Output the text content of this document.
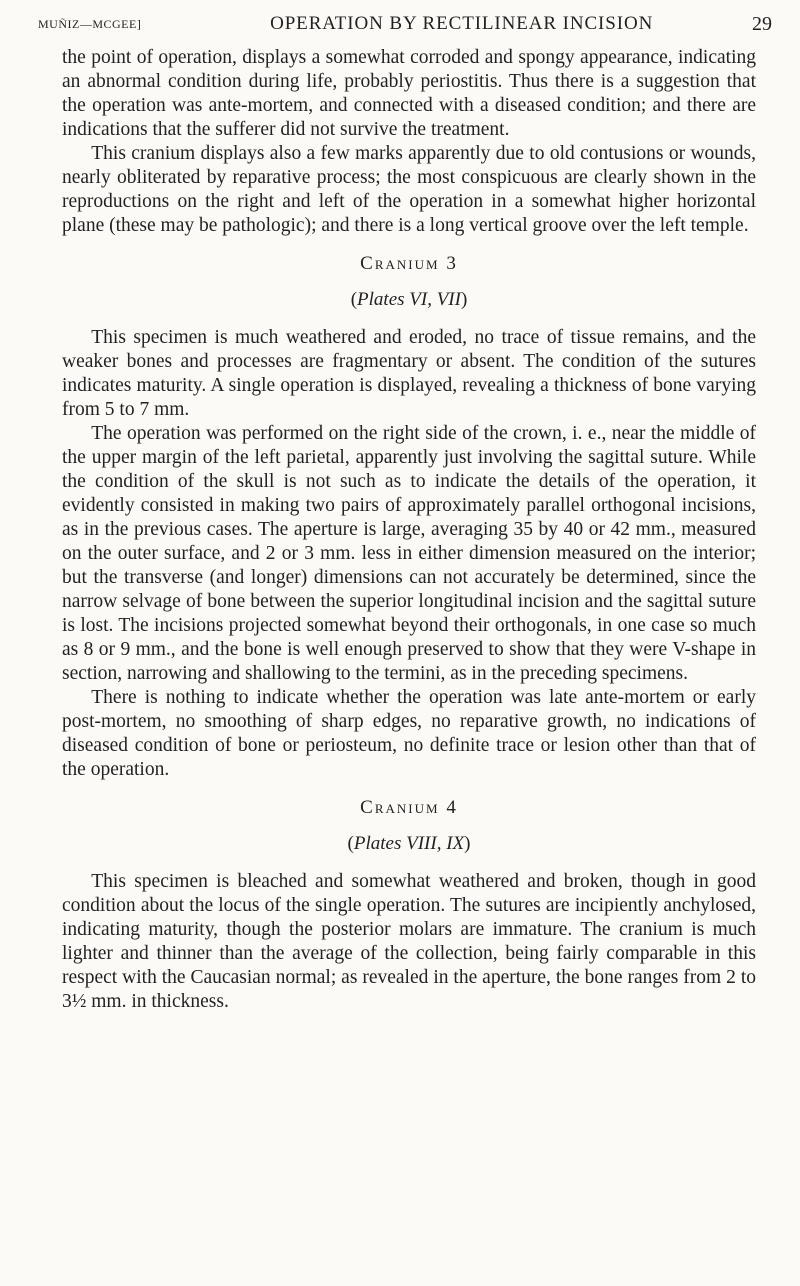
MUÑIZ—MCGEE]	OPERATION BY RECTILINEAR INCISION	29

the point of operation, displays a somewhat corroded and spongy appearance, indicating an abnormal condition during life, probably periostitis. Thus there is a suggestion that the operation was ante-mortem, and connected with a diseased condition; and there are indications that the sufferer did not survive the treatment.

This cranium displays also a few marks apparently due to old contusions or wounds, nearly obliterated by reparative process; the most conspicuous are clearly shown in the reproductions on the right and left of the operation in a somewhat higher horizontal plane (these may be pathologic); and there is a long vertical groove over the left temple.

Cranium 3
(Plates VI, VII)

This specimen is much weathered and eroded, no trace of tissue remains, and the weaker bones and processes are fragmentary or absent. The condition of the sutures indicates maturity. A single operation is displayed, revealing a thickness of bone varying from 5 to 7 mm.

The operation was performed on the right side of the crown, i. e., near the middle of the upper margin of the left parietal, apparently just involving the sagittal suture. While the condition of the skull is not such as to indicate the details of the operation, it evidently consisted in making two pairs of approximately parallel orthogonal incisions, as in the previous cases. The aperture is large, averaging 35 by 40 or 42 mm., measured on the outer surface, and 2 or 3 mm. less in either dimension measured on the interior; but the transverse (and longer) dimensions can not accurately be determined, since the narrow selvage of bone between the superior longitudinal incision and the sagittal suture is lost. The incisions projected somewhat beyond their orthogonals, in one case so much as 8 or 9 mm., and the bone is well enough preserved to show that they were V-shape in section, narrowing and shallowing to the termini, as in the preceding specimens.

There is nothing to indicate whether the operation was late ante-mortem or early post-mortem, no smoothing of sharp edges, no reparative growth, no indications of diseased condition of bone or periosteum, no definite trace or lesion other than that of the operation.

Cranium 4
(Plates VIII, IX)

This specimen is bleached and somewhat weathered and broken, though in good condition about the locus of the single operation. The sutures are incipiently anchylosed, indicating maturity, though the posterior molars are immature. The cranium is much lighter and thinner than the average of the collection, being fairly comparable in this respect with the Caucasian normal; as revealed in the aperture, the bone ranges from 2 to 3½ mm. in thickness.
